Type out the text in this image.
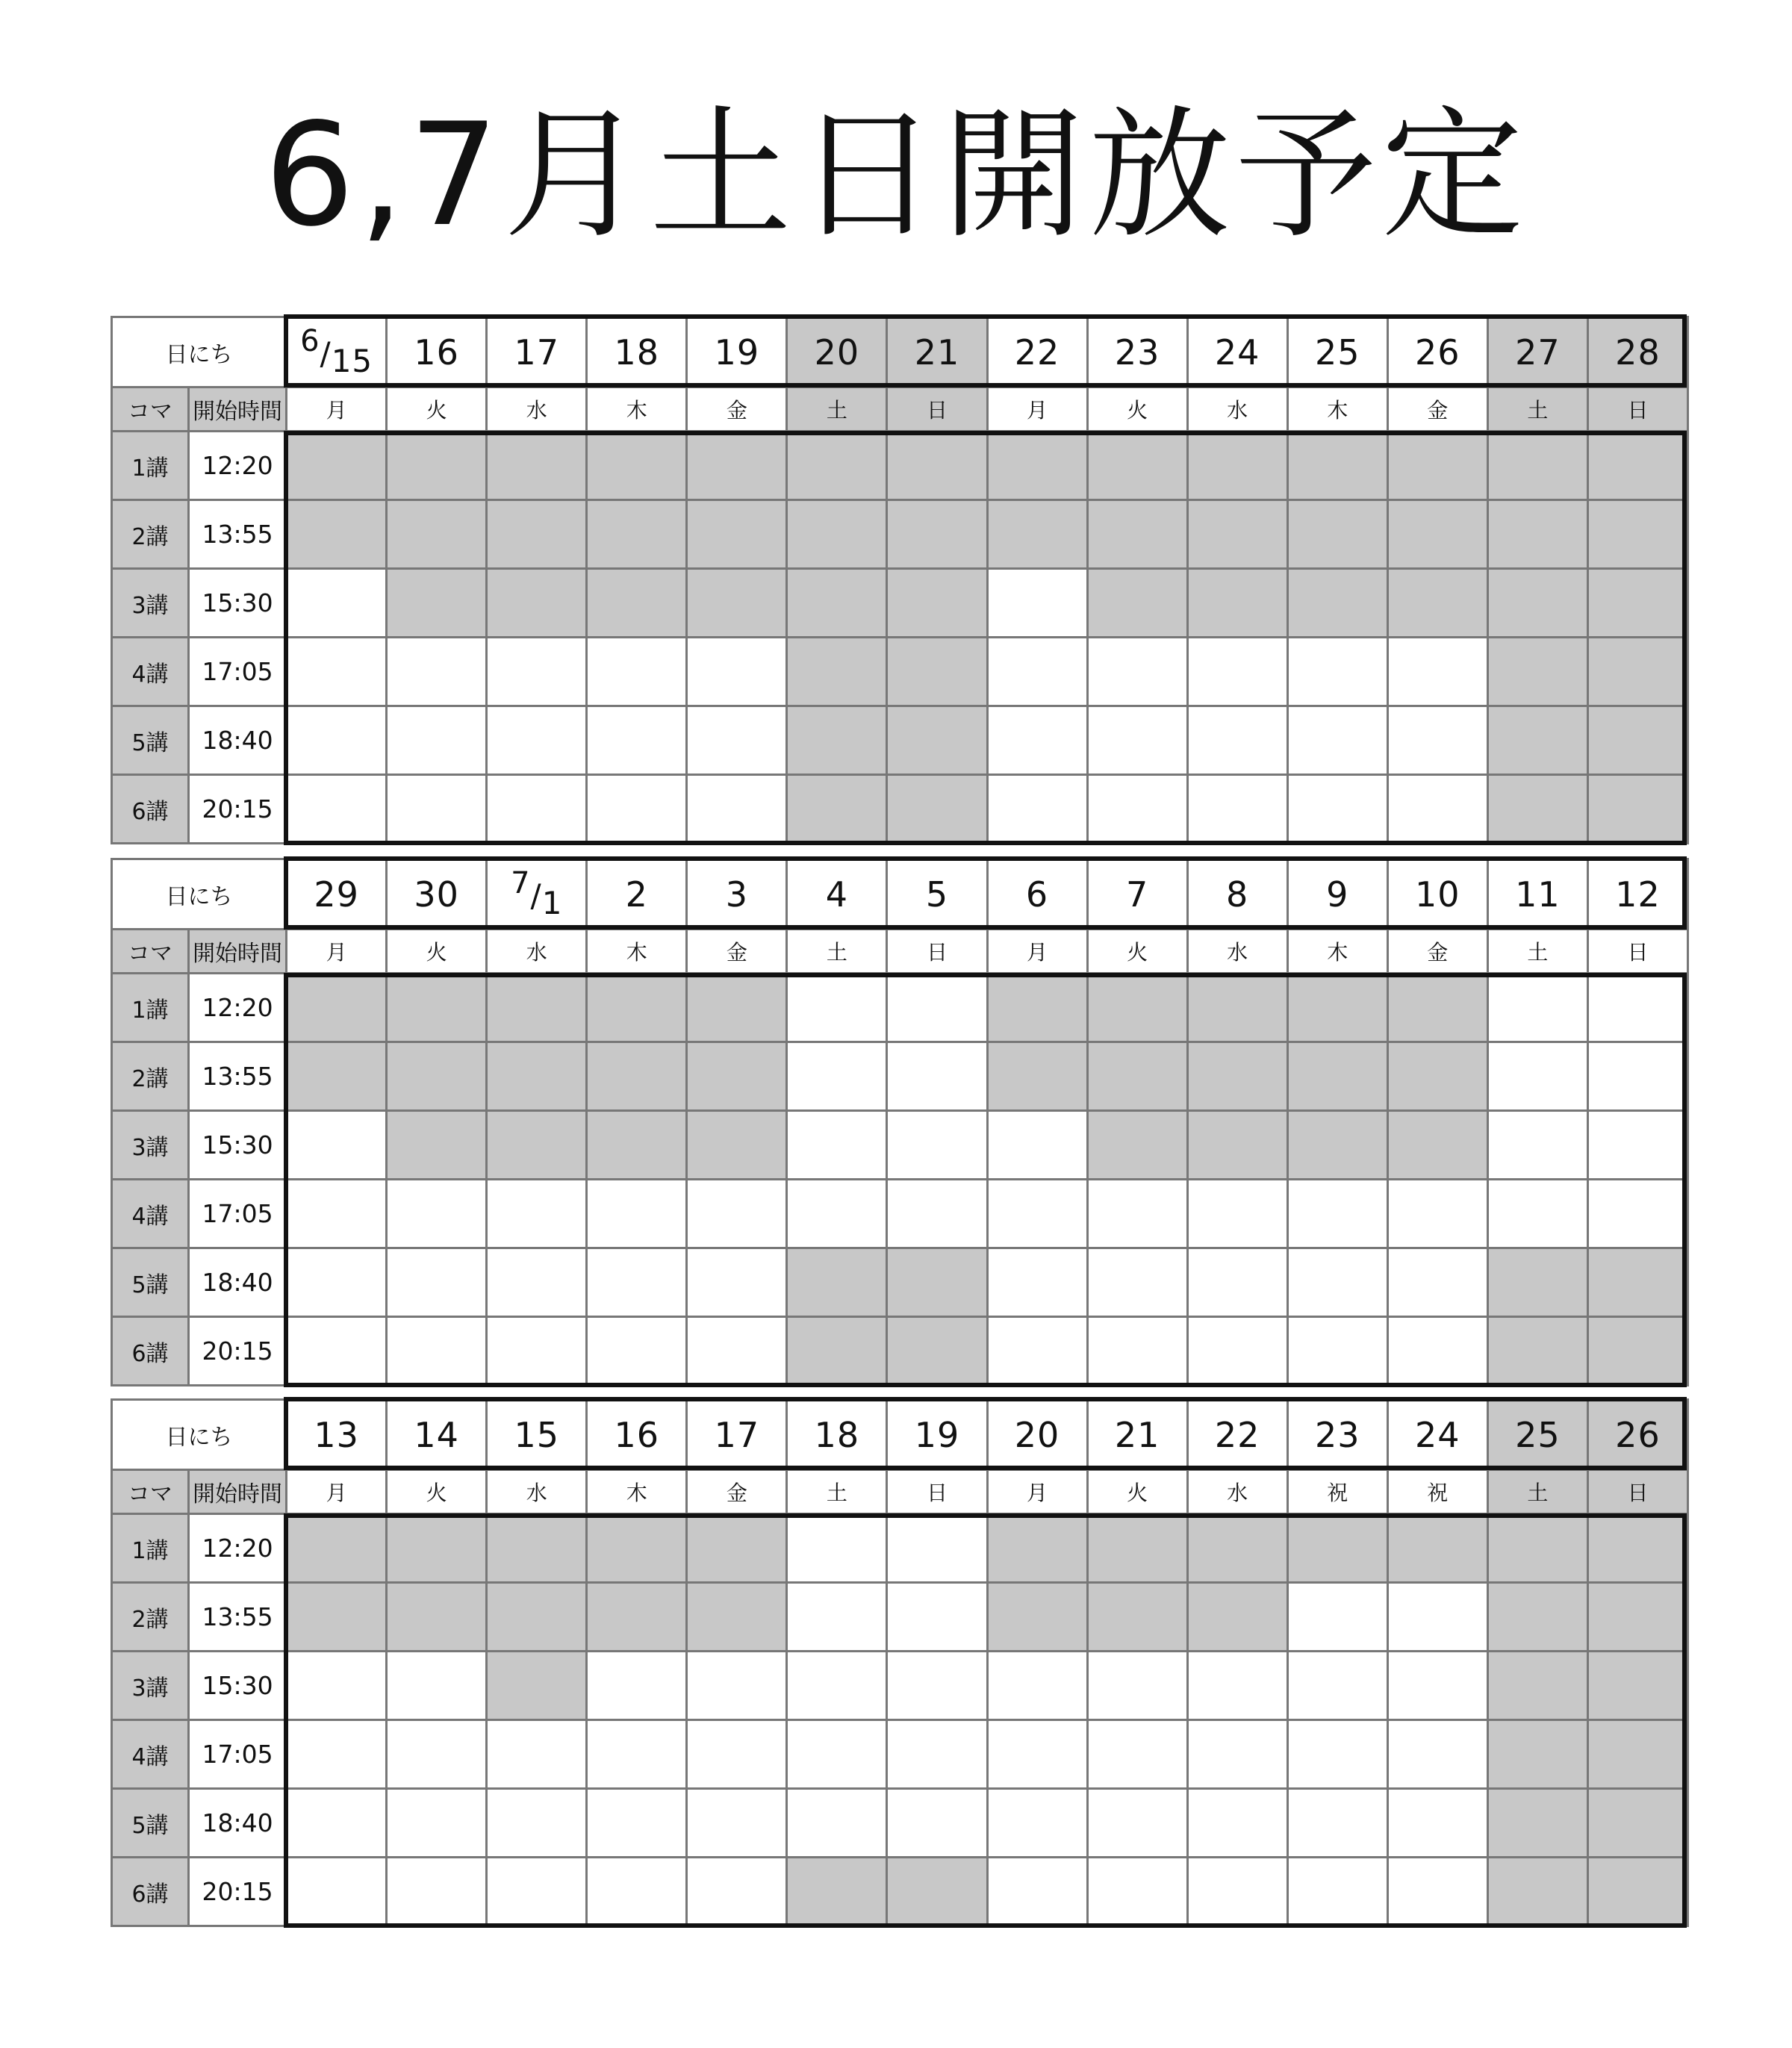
6,7月土日開放予定
日にち		6/15	16	17	18	19	20	21	22	23	24	25	26	27	28
コマ	開始時間	月	火	水	木	金	土	日	月	火	水	木	金	土	日
1講	12:20														
2講	13:55														
3講	15:30														
4講	17:05														
5講	18:40														
6講	20:15														
日にち		29	30	7/1	2	3	4	5	6	7	8	9	10	11	12
コマ	開始時間	月	火	水	木	金	土	日	月	火	水	木	金	土	日
1講	12:20														
2講	13:55														
3講	15:30														
4講	17:05														
5講	18:40														
6講	20:15														
日にち		13	14	15	16	17	18	19	20	21	22	23	24	25	26
コマ	開始時間	月	火	水	木	金	土	日	月	火	水	祝	祝	土	日
1講	12:20														
2講	13:55														
3講	15:30														
4講	17:05														
5講	18:40														
6講	20:15														
